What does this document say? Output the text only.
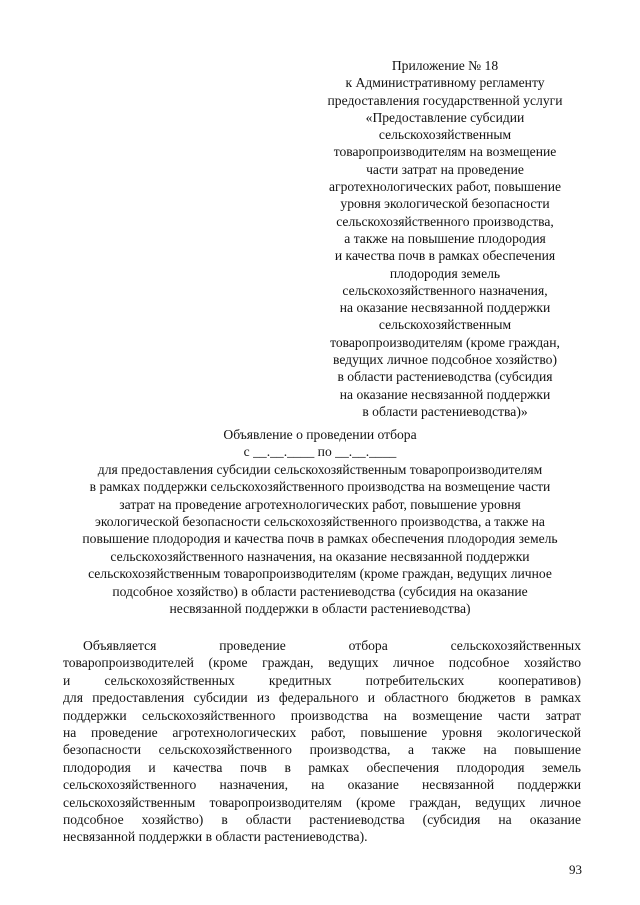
Приложение № 18
к Административному регламенту
предоставления государственной услуги
«Предоставление субсидии
сельскохозяйственным
товаропроизводителям на возмещение
части затрат на проведение
агротехнологических работ, повышение
уровня экологической безопасности
сельскохозяйственного производства,
а также на повышение плодородия
и качества почв в рамках обеспечения
плодородия земель
сельскохозяйственного назначения,
на оказание несвязанной поддержки
сельскохозяйственным
товаропроизводителям (кроме граждан,
ведущих личное подсобное хозяйство)
в области растениеводства (субсидия
на оказание несвязанной поддержки
в области растениеводства)»
Объявление о проведении отбора
с __.__.____ по __.__.____
для предоставления субсидии сельскохозяйственным товаропроизводителям
в рамках поддержки сельскохозяйственного производства на возмещение части
затрат на проведение агротехнологических работ, повышение уровня
экологической безопасности сельскохозяйственного производства, а также на
повышение плодородия и качества почв в рамках обеспечения плодородия земель
сельскохозяйственного назначения, на оказание несвязанной поддержки
сельскохозяйственным товаропроизводителям (кроме граждан, ведущих личное
подсобное хозяйство) в области растениеводства (субсидия на оказание
несвязанной поддержки в области растениеводства)
Объявляется проведение отбора сельскохозяйственных
товаропроизводителей (кроме граждан, ведущих личное подсобное хозяйство
и сельскохозяйственных кредитных потребительских кооперативов)
для предоставления субсидии из федерального и областного бюджетов в рамках
поддержки сельскохозяйственного производства на возмещение части затрат
на проведение агротехнологических работ, повышение уровня экологической
безопасности сельскохозяйственного производства, а также на повышение
плодородия и качества почв в рамках обеспечения плодородия земель
сельскохозяйственного назначения, на оказание несвязанной поддержки
сельскохозяйственным товаропроизводителям (кроме граждан, ведущих личное
подсобное хозяйство) в области растениеводства (субсидия на оказание
несвязанной поддержки в области растениеводства).
93
